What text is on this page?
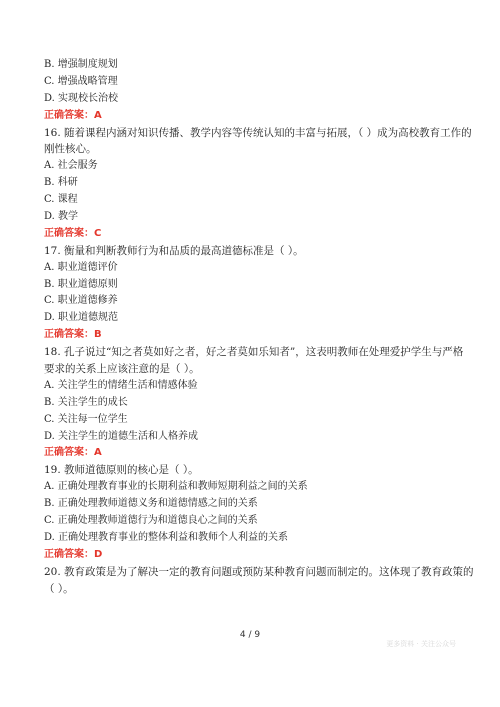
B. 增强制度规划
C. 增强战略管理
D. 实现校长治校
正确答案：A
16. 随着课程内涵对知识传播、教学内容等传统认知的丰富与拓展，（ ）成为高校教育工作的
刚性核心。
A. 社会服务
B. 科研
C. 课程
D. 教学
正确答案：C
17. 衡量和判断教师行为和品质的最高道德标准是（ ）。
A. 职业道德评价
B. 职业道德原则
C. 职业道德修养
D. 职业道德规范
正确答案：B
18. 孔子说过“知之者莫如好之者，好之者莫如乐知者”，这表明教师在处理爱护学生与严格
要求的关系上应该注意的是（ ）。
A. 关注学生的情绪生活和情感体验
B. 关注学生的成长
C. 关注每一位学生
D. 关注学生的道德生活和人格养成
正确答案：A
19. 教师道德原则的核心是（ ）。
A. 正确处理教育事业的长期利益和教师短期利益之间的关系
B. 正确处理教师道德义务和道德情感之间的关系
C. 正确处理教师道德行为和道德良心之间的关系
D. 正确处理教育事业的整体利益和教师个人利益的关系
正确答案：D
20. 教育政策是为了解决一定的教育问题或预防某种教育问题而制定的。这体现了教育政策的
（ ）。
4 / 9
更多资料 · 关注公众号
